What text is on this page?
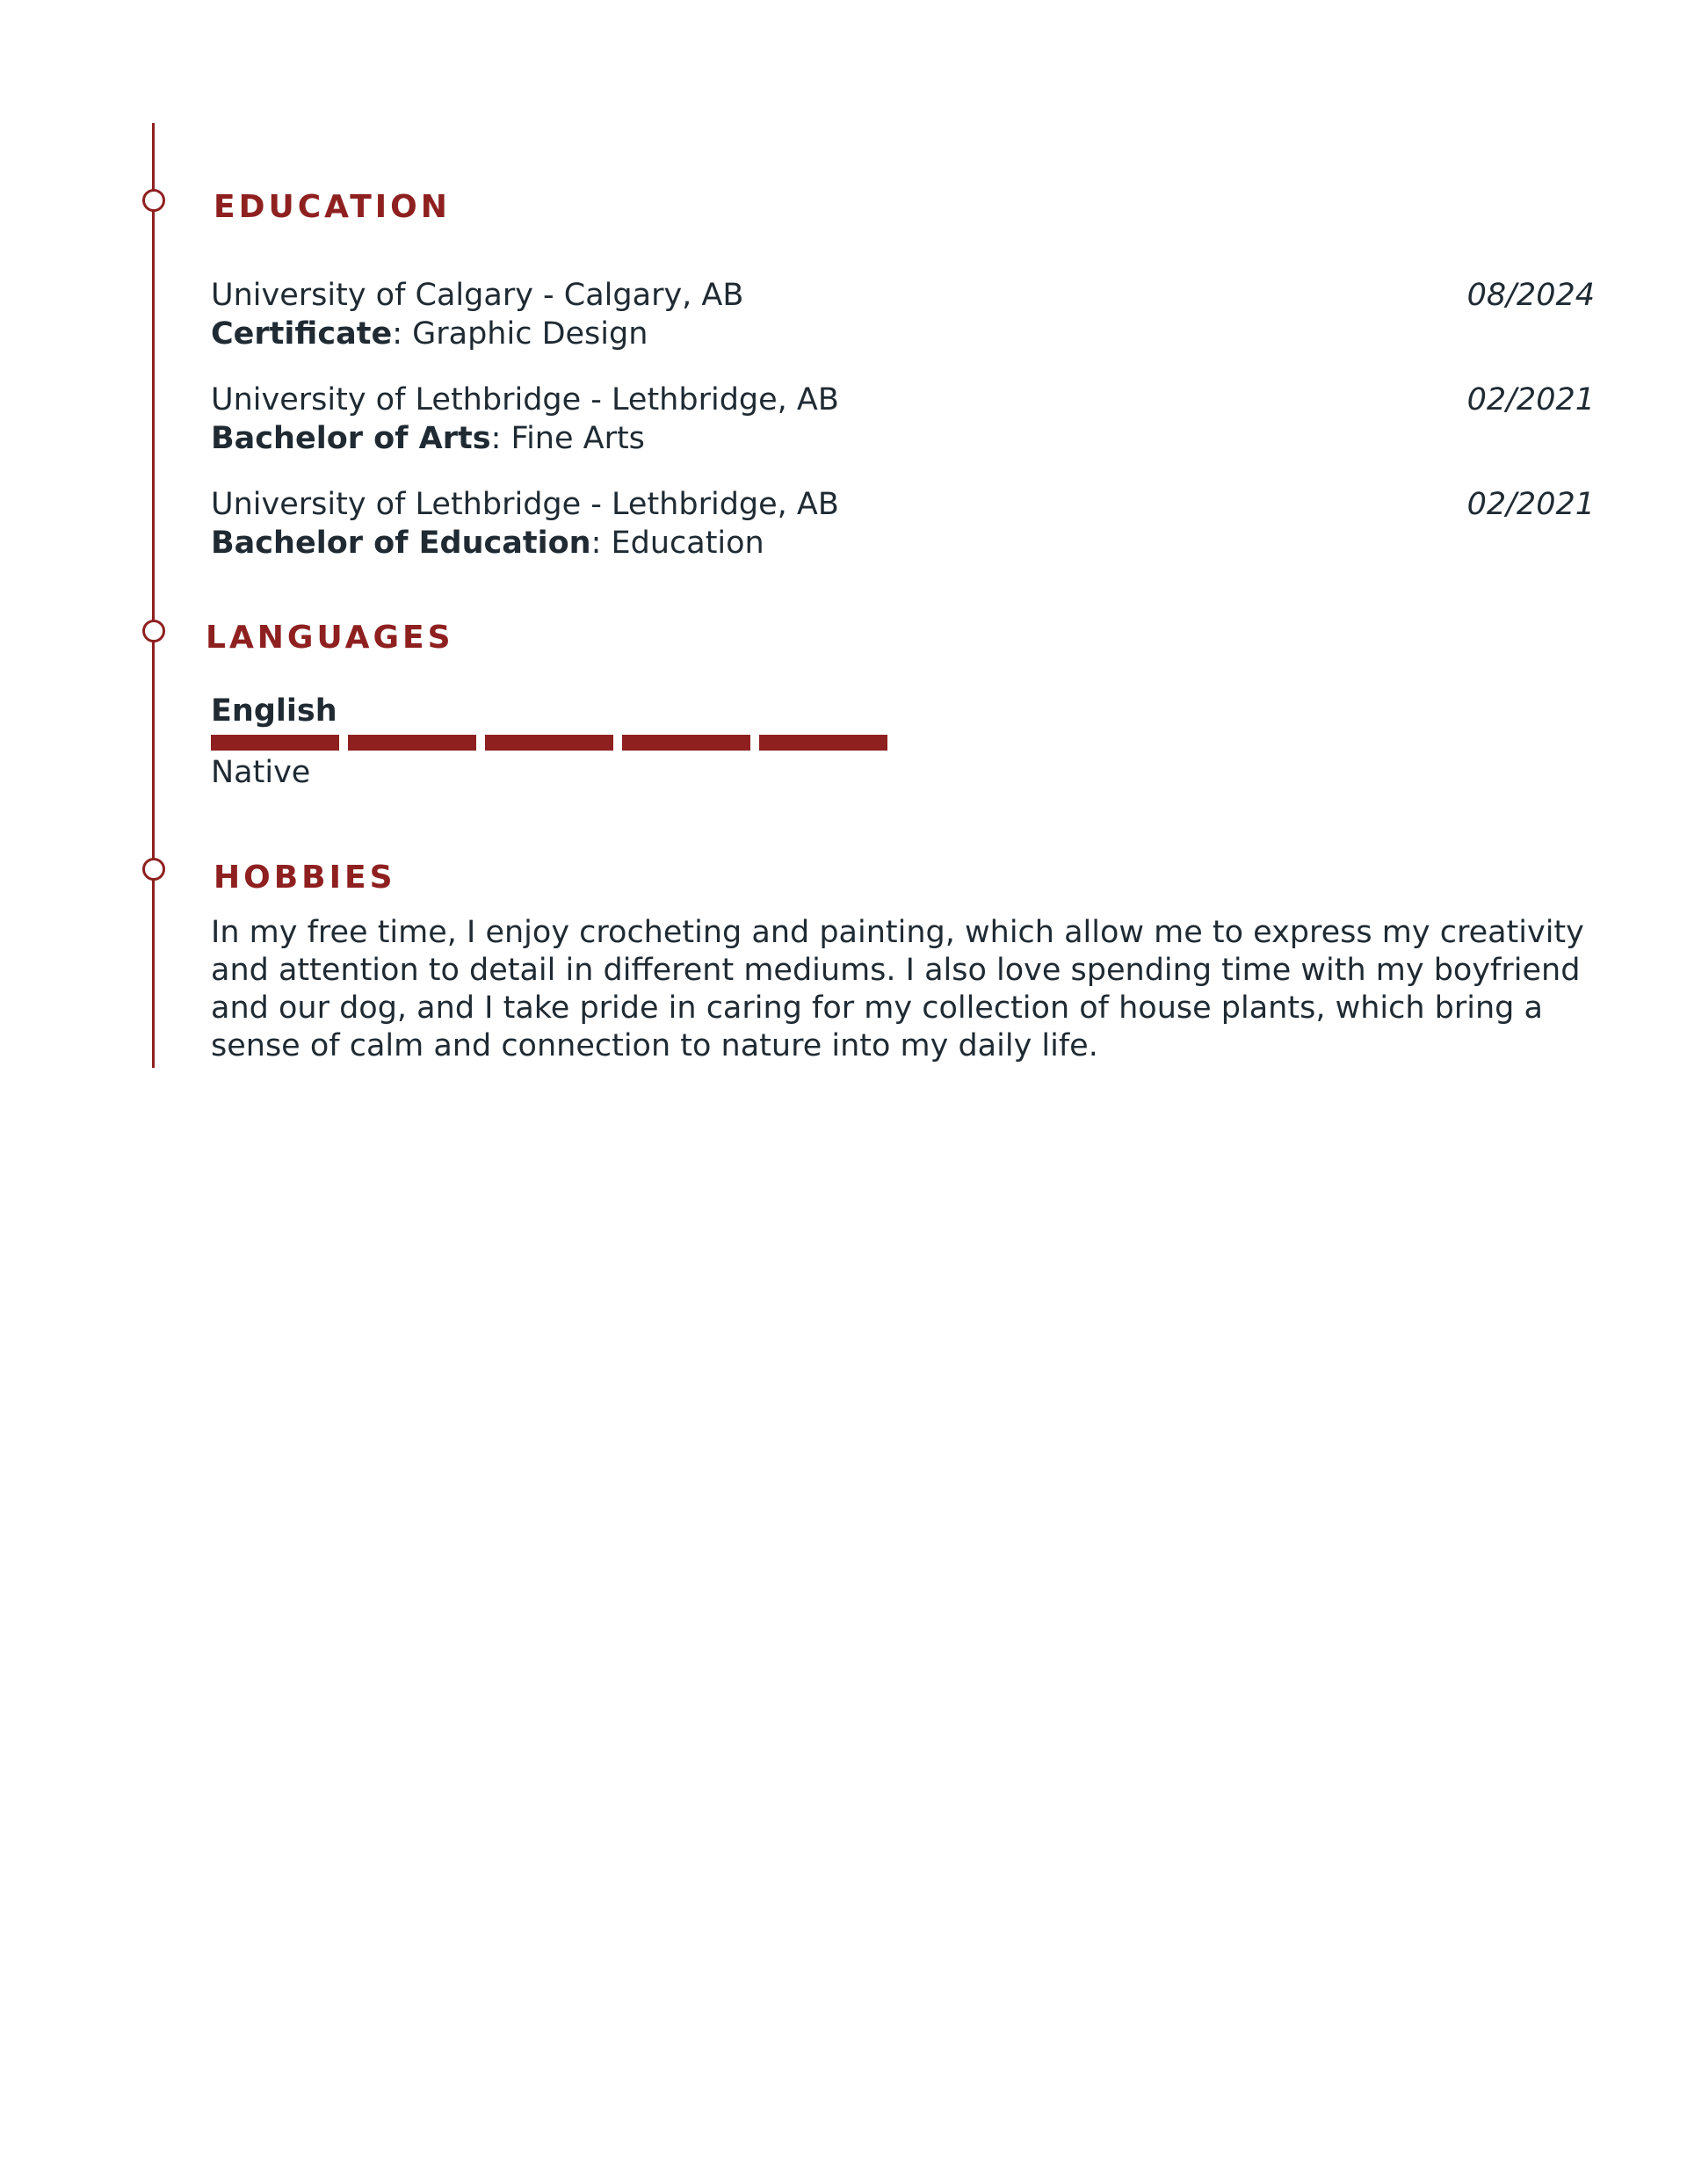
EDUCATION
University of Calgary - Calgary, AB
Certificate: Graphic Design
08/2024
University of Lethbridge - Lethbridge, AB
Bachelor of Arts: Fine Arts
02/2021
University of Lethbridge - Lethbridge, AB
Bachelor of Education: Education
02/2021
LANGUAGES
English
Native
HOBBIES

In my free time, I enjoy crocheting and painting, which allow me to express my creativity and attention to detail in different mediums. I also love spending time with my boyfriend and our dog, and I take pride in caring for my collection of house plants, which bring a sense of calm and connection to nature into my daily life.
